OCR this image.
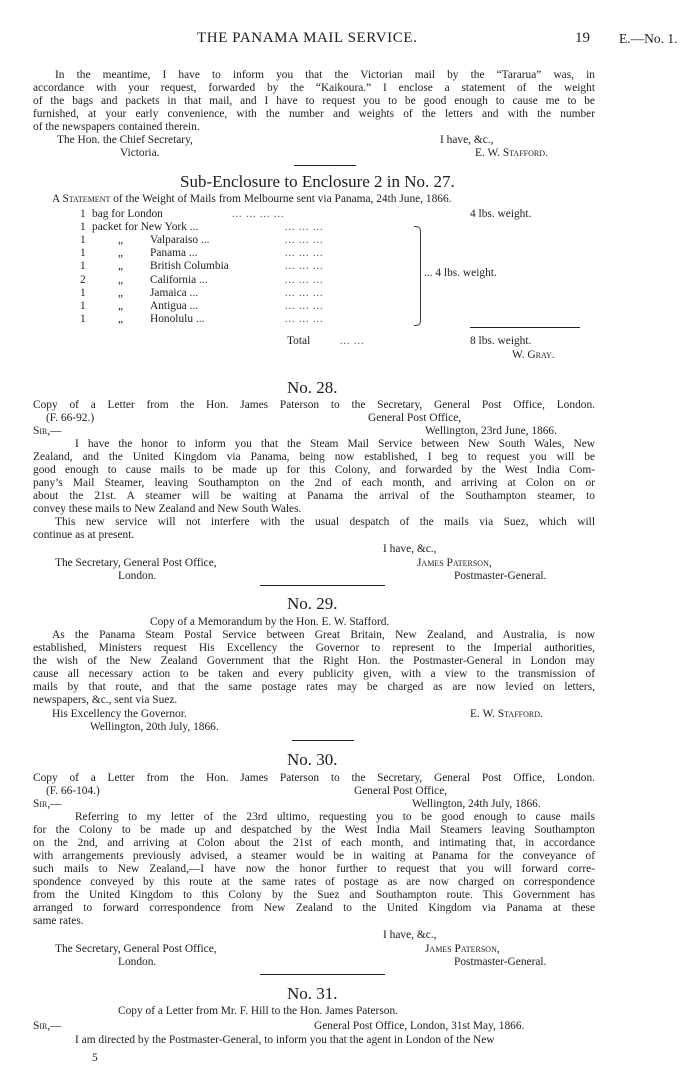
THE PANAMA MAIL SERVICE.	19 E.—No. 1.
In the meantime, I have to inform you that the Victorian mail by the “Tararua” was, in
accordance with your request, forwarded by the “Kaikoura.” I enclose a statement of the weight
of the bags and packets in that mail, and I have to request you to be good enough to cause me to be
furnished, at your early convenience, with the number and weights of the letters and with the number
of the newspapers contained therein.
I have, &c.,
The Hon. the Chief Secretary,
Victoria.	E. W. Stafford.
Sub-Enclosure to Enclosure 2 in No. 27.
A Statement of the Weight of Mails from Melbourne sent via Panama, 24th June, 1866.
1 bag for London	... ... ... ...	4 lbs. weight.
1 packet for New York ...	... ... ...
1	„ Valparaiso ...	... ... ...
1	„ Panama ...	... ... ...
1	„ British Columbia	... ... ...
2	„ California ...	... ... ...
1	„ Jamaica ...	... ... ...
1	„ Antigua ...	... ... ...
1	„ Honolulu ...	... ... ...
... 4 lbs. weight.
Total	... ...	8 lbs. weight.
W. Gray.
No. 28.
Copy of a Letter from the Hon. James Paterson to the Secretary, General Post Office, London.
(F. 66-92.)	General Post Office,
Sir,—	Wellington, 23rd June, 1866.
I have the honor to inform you that the Steam Mail Service between New South Wales, New
Zealand, and the United Kingdom via Panama, being now established, I beg to request you will be
good enough to cause mails to be made up for this Colony, and forwarded by the West India Com-
pany’s Mail Steamer, leaving Southampton on the 2nd of each month, and arriving at Colon on or
about the 21st. A steamer will be waiting at Panama the arrival of the Southampton steamer, to
convey these mails to New Zealand and New South Wales.
This new service will not interfere with the usual despatch of the mails via Suez, which will
continue as at present.
I have, &c.,
The Secretary, General Post Office,	James Paterson,
London.	Postmaster-General.
No. 29.
Copy of a Memorandum by the Hon. E. W. Stafford.
As the Panama Steam Postal Service between Great Britain, New Zealand, and Australia, is now
established, Ministers request His Excellency the Governor to represent to the Imperial authorities,
the wish of the New Zealand Government that the Right Hon. the Postmaster-General in London may
cause all necessary action to be taken and every publicity given, with a view to the transmission of
mails by that route, and that the same postage rates may be charged as are now levied on letters,
newspapers, &c., sent via Suez.
His Excellency the Governor.	E. W. Stafford.
Wellington, 20th July, 1866.
No. 30.
Copy of a Letter from the Hon. James Paterson to the Secretary, General Post Office, London.
(F. 66-104.)	General Post Office,
Sir,—	Wellington, 24th July, 1866.
Referring to my letter of the 23rd ultimo, requesting you to be good enough to cause mails
for the Colony to be made up and despatched by the West India Mail Steamers leaving Southampton
on the 2nd, and arriving at Colon about the 21st of each month, and intimating that, in accordance
with arrangements previously advised, a steamer would be in waiting at Panama for the conveyance of
such mails to New Zealand,—I have now the honor further to request that you will forward corre-
spondence conveyed by this route at the same rates of postage as are now charged on correspondence
from the United Kingdom to this Colony by the Suez and Southampton route. This Government has
arranged to forward correspondence from New Zealand to the United Kingdom via Panama at these
same rates.
I have, &c.,
The Secretary, General Post Office,	James Paterson,
London.	Postmaster-General.
No. 31.
Copy of a Letter from Mr. F. Hill to the Hon. James Paterson.
Sir,—	General Post Office, London, 31st May, 1866.
I am directed by the Postmaster-General, to inform you that the agent in London of the New
5
